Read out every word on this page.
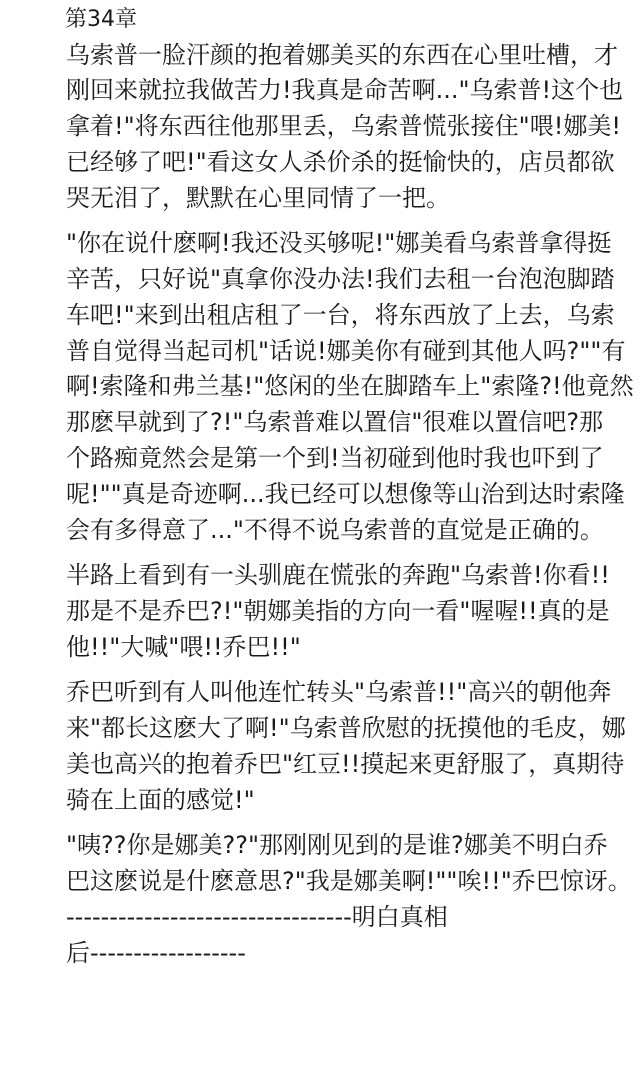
第34章
乌索普一脸汗颜的抱着娜美买的东西在心里吐槽，才
刚回来就拉我做苦力!我真是命苦啊..."乌索普!这个也
拿着!"将东西往他那里丢，乌索普慌张接住"喂!娜美!
已经够了吧!"看这女人杀价杀的挺愉快的，店员都欲
哭无泪了，默默在心里同情了一把。
"你在说什麽啊!我还没买够呢!"娜美看乌索普拿得挺
辛苦，只好说"真拿你没办法!我们去租一台泡泡脚踏
车吧!"来到出租店租了一台，将东西放了上去，乌索
普自觉得当起司机"话说!娜美你有碰到其他人吗?""有
啊!索隆和弗兰基!"悠闲的坐在脚踏车上"索隆?!他竟然
那麽早就到了?!"乌索普难以置信"很难以置信吧?那
个路痴竟然会是第一个到!当初碰到他时我也吓到了
呢!""真是奇迹啊...我已经可以想像等山治到达时索隆
会有多得意了..."不得不说乌索普的直觉是正确的。
半路上看到有一头驯鹿在慌张的奔跑"乌索普!你看!!
那是不是乔巴?!"朝娜美指的方向一看"喔喔!!真的是
他!!"大喊"喂!!乔巴!!"
乔巴听到有人叫他连忙转头"乌索普!!"高兴的朝他奔
来"都长这麽大了啊!"乌索普欣慰的抚摸他的毛皮，娜
美也高兴的抱着乔巴"红豆!!摸起来更舒服了，真期待
骑在上面的感觉!"
"咦??你是娜美??"那刚刚见到的是谁?娜美不明白乔
巴这麽说是什麽意思?"我是娜美啊!""唉!!"乔巴惊讶。
---------------------------------明白真相
后------------------
